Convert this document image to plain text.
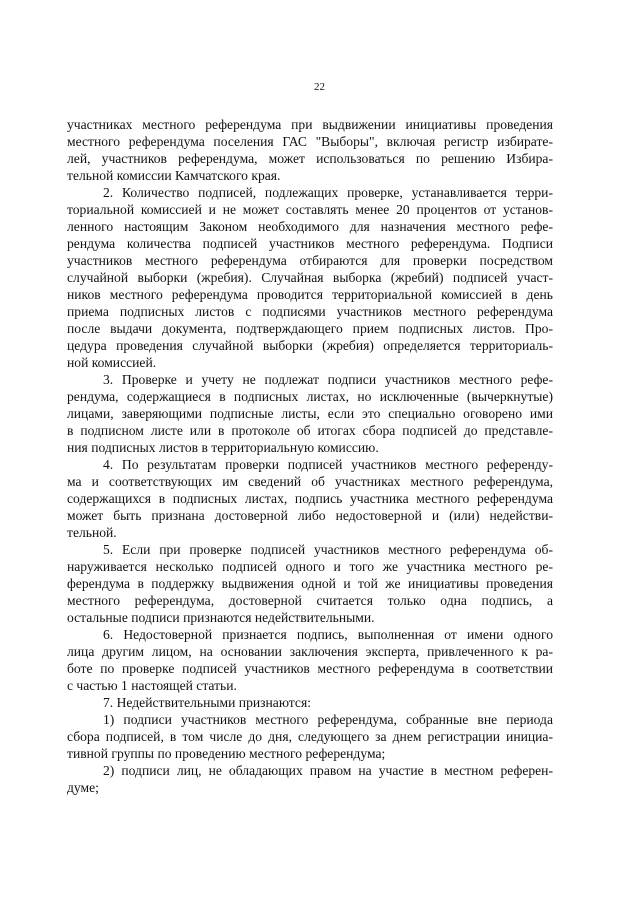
22
участниках местного референдума при выдвижении инициативы проведения
местного референдума поселения ГАС "Выборы", включая регистр избирате-
лей, участников референдума, может использоваться по решению Избира-
тельной комиссии Камчатского края.
2. Количество подписей, подлежащих проверке, устанавливается терри-
ториальной комиссией и не может составлять менее 20 процентов от установ-
ленного настоящим Законом необходимого для назначения местного рефе-
рендума количества подписей участников местного референдума. Подписи
участников местного референдума отбираются для проверки посредством
случайной выборки (жребия). Случайная выборка (жребий) подписей участ-
ников местного референдума проводится территориальной комиссией в день
приема подписных листов с подписями участников местного референдума
после выдачи документа, подтверждающего прием подписных листов. Про-
цедура проведения случайной выборки (жребия) определяется территориаль-
ной комиссией.
3. Проверке и учету не подлежат подписи участников местного рефе-
рендума, содержащиеся в подписных листах, но исключенные (вычеркнутые)
лицами, заверяющими подписные листы, если это специально оговорено ими
в подписном листе или в протоколе об итогах сбора подписей до представле-
ния подписных листов в территориальную комиссию.
4. По результатам проверки подписей участников местного референду-
ма и соответствующих им сведений об участниках местного референдума,
содержащихся в подписных листах, подпись участника местного референдума
может быть признана достоверной либо недостоверной и (или) недействи-
тельной.
5. Если при проверке подписей участников местного референдума об-
наруживается несколько подписей одного и того же участника местного ре-
ферендума в поддержку выдвижения одной и той же инициативы проведения
местного референдума, достоверной считается только одна подпись, а
остальные подписи признаются недействительными.
6. Недостоверной признается подпись, выполненная от имени одного
лица другим лицом, на основании заключения эксперта, привлеченного к ра-
боте по проверке подписей участников местного референдума в соответствии
с частью 1 настоящей статьи.
7. Недействительными признаются:
1) подписи участников местного референдума, собранные вне периода
сбора подписей, в том числе до дня, следующего за днем регистрации инициа-
тивной группы по проведению местного референдума;
2) подписи лиц, не обладающих правом на участие в местном референ-
думе;
